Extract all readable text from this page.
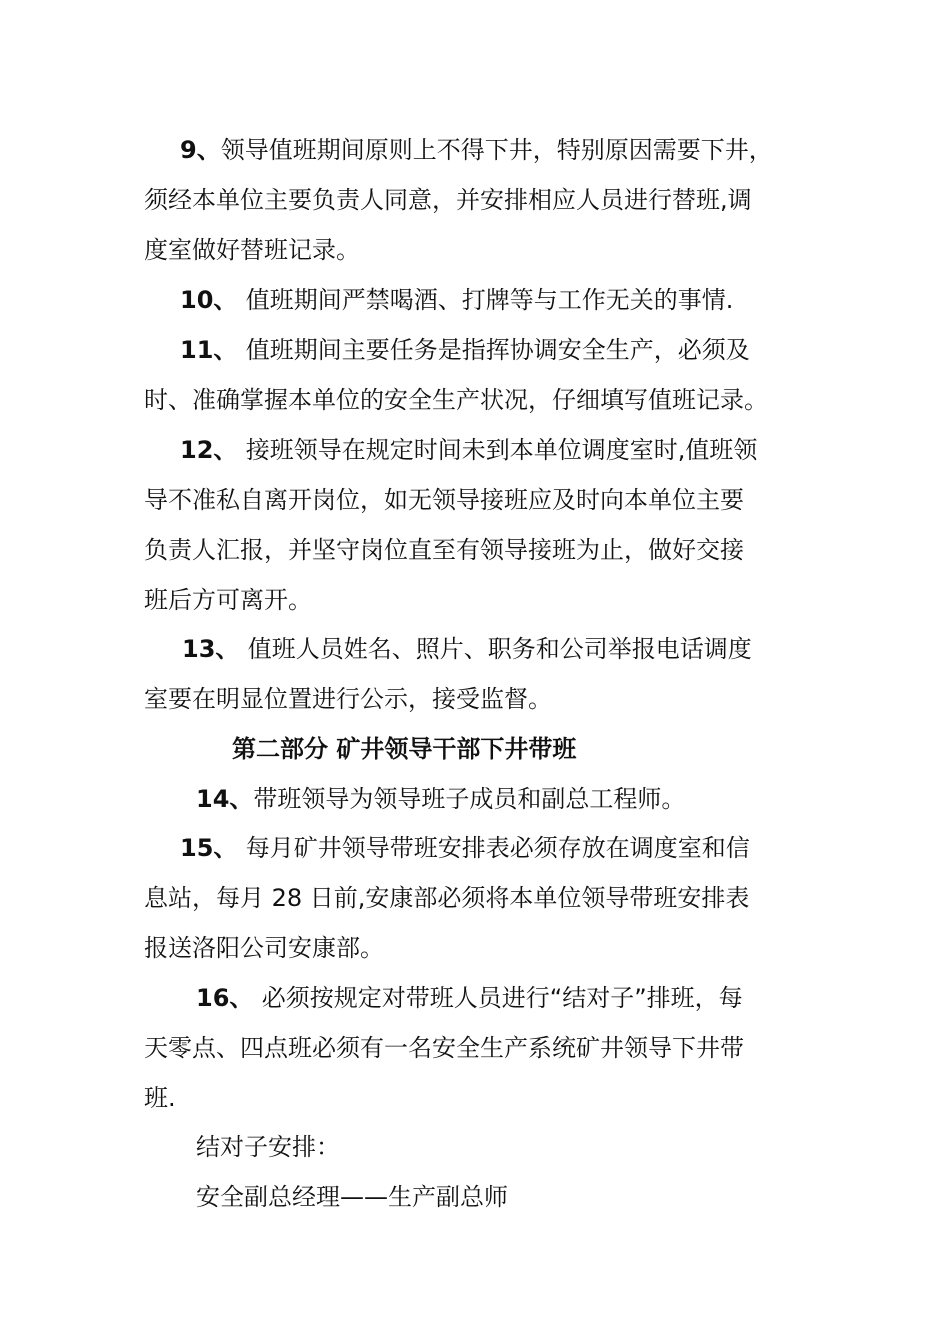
9、领导值班期间原则上不得下井，特别原因需要下井，
须经本单位主要负责人同意，并安排相应人员进行替班,调
度室做好替班记录。
10、 值班期间严禁喝酒、打牌等与工作无关的事情.
11、 值班期间主要任务是指挥协调安全生产，必须及
时、准确掌握本单位的安全生产状况，仔细填写值班记录。
12、 接班领导在规定时间未到本单位调度室时,值班领
导不准私自离开岗位，如无领导接班应及时向本单位主要
负责人汇报，并坚守岗位直至有领导接班为止，做好交接
班后方可离开。
13、 值班人员姓名、照片、职务和公司举报电话调度
室要在明显位置进行公示，接受监督。
第二部分 矿井领导干部下井带班
14、带班领导为领导班子成员和副总工程师。
15、 每月矿井领导带班安排表必须存放在调度室和信
息站，每月 28 日前,安康部必须将本单位领导带班安排表
报送洛阳公司安康部。
16、 必须按规定对带班人员进行“结对子”排班，每
天零点、四点班必须有一名安全生产系统矿井领导下井带
班.
结对子安排：
安全副总经理——生产副总师
